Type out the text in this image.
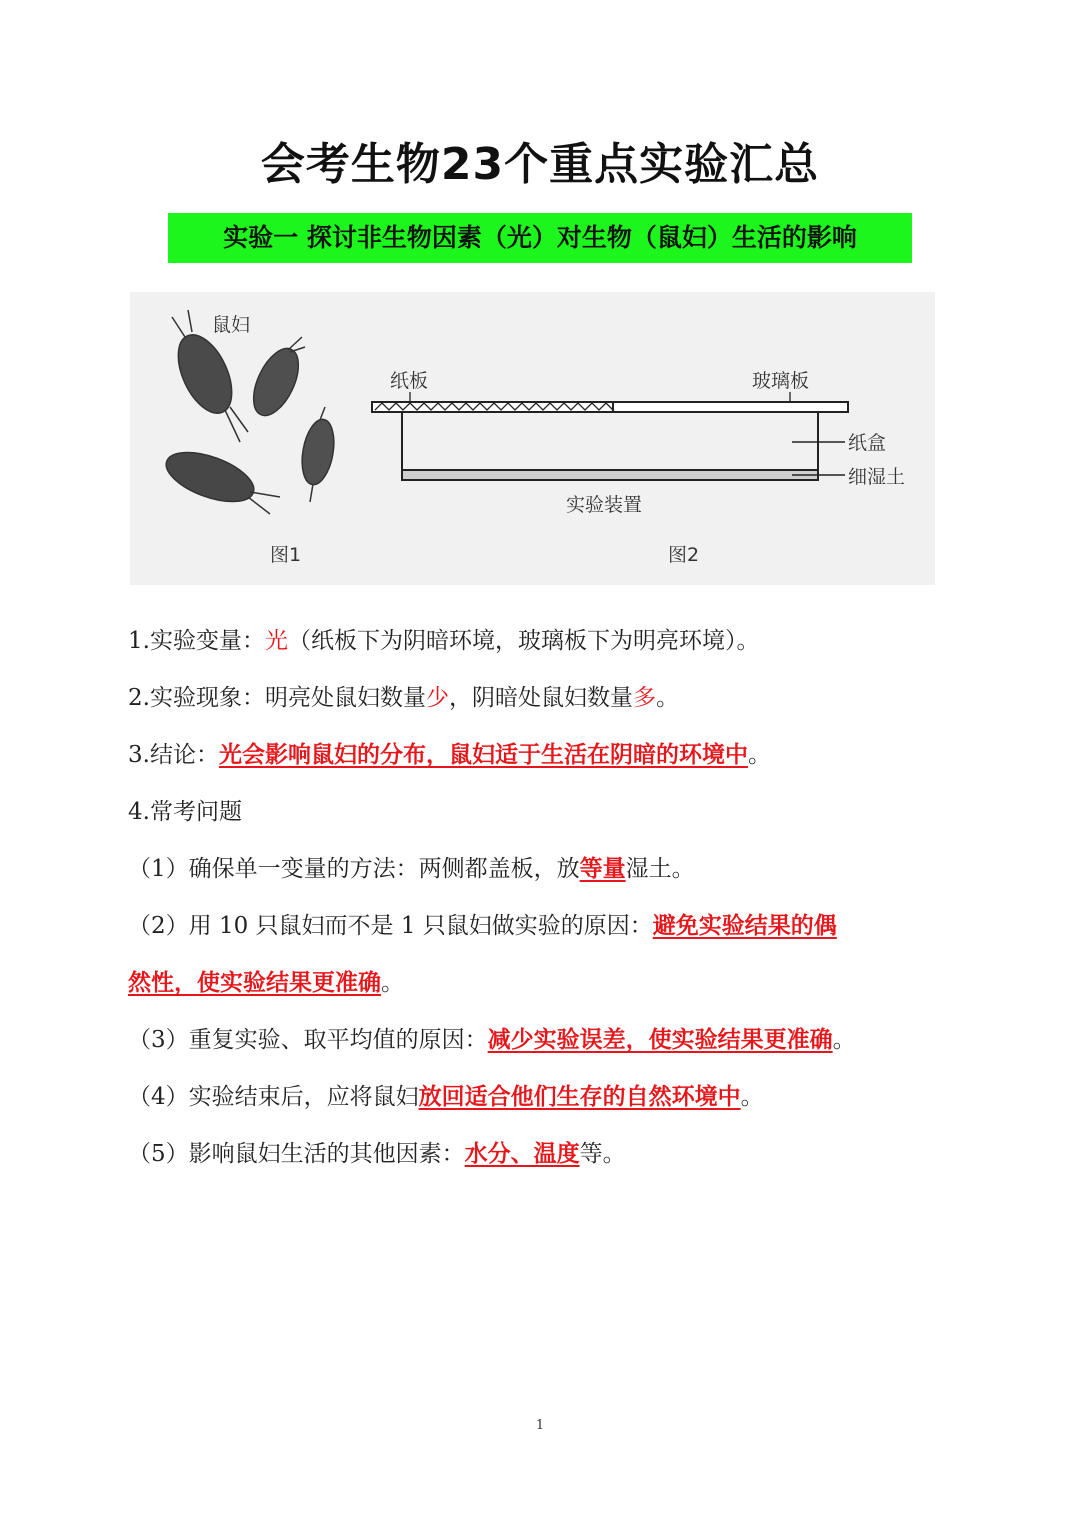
会考生物23个重点实验汇总
实验一 探讨非生物因素（光）对生物（鼠妇）生活的影响
鼠妇
纸板	玻璃板
纸盒
细湿土
实验装置
图1	图2
1.实验变量：光（纸板下为阴暗环境，玻璃板下为明亮环境）。
2.实验现象：明亮处鼠妇数量少，阴暗处鼠妇数量多。
3.结论：光会影响鼠妇的分布，鼠妇适于生活在阴暗的环境中。
4.常考问题
（1）确保单一变量的方法：两侧都盖板，放等量湿土。
（2）用 10 只鼠妇而不是 1 只鼠妇做实验的原因：避免实验结果的偶
然性，使实验结果更准确。
（3）重复实验、取平均值的原因：减少实验误差，使实验结果更准确。
（4）实验结束后，应将鼠妇放回适合他们生存的自然环境中。
（5）影响鼠妇生活的其他因素：水分、温度等。
1
